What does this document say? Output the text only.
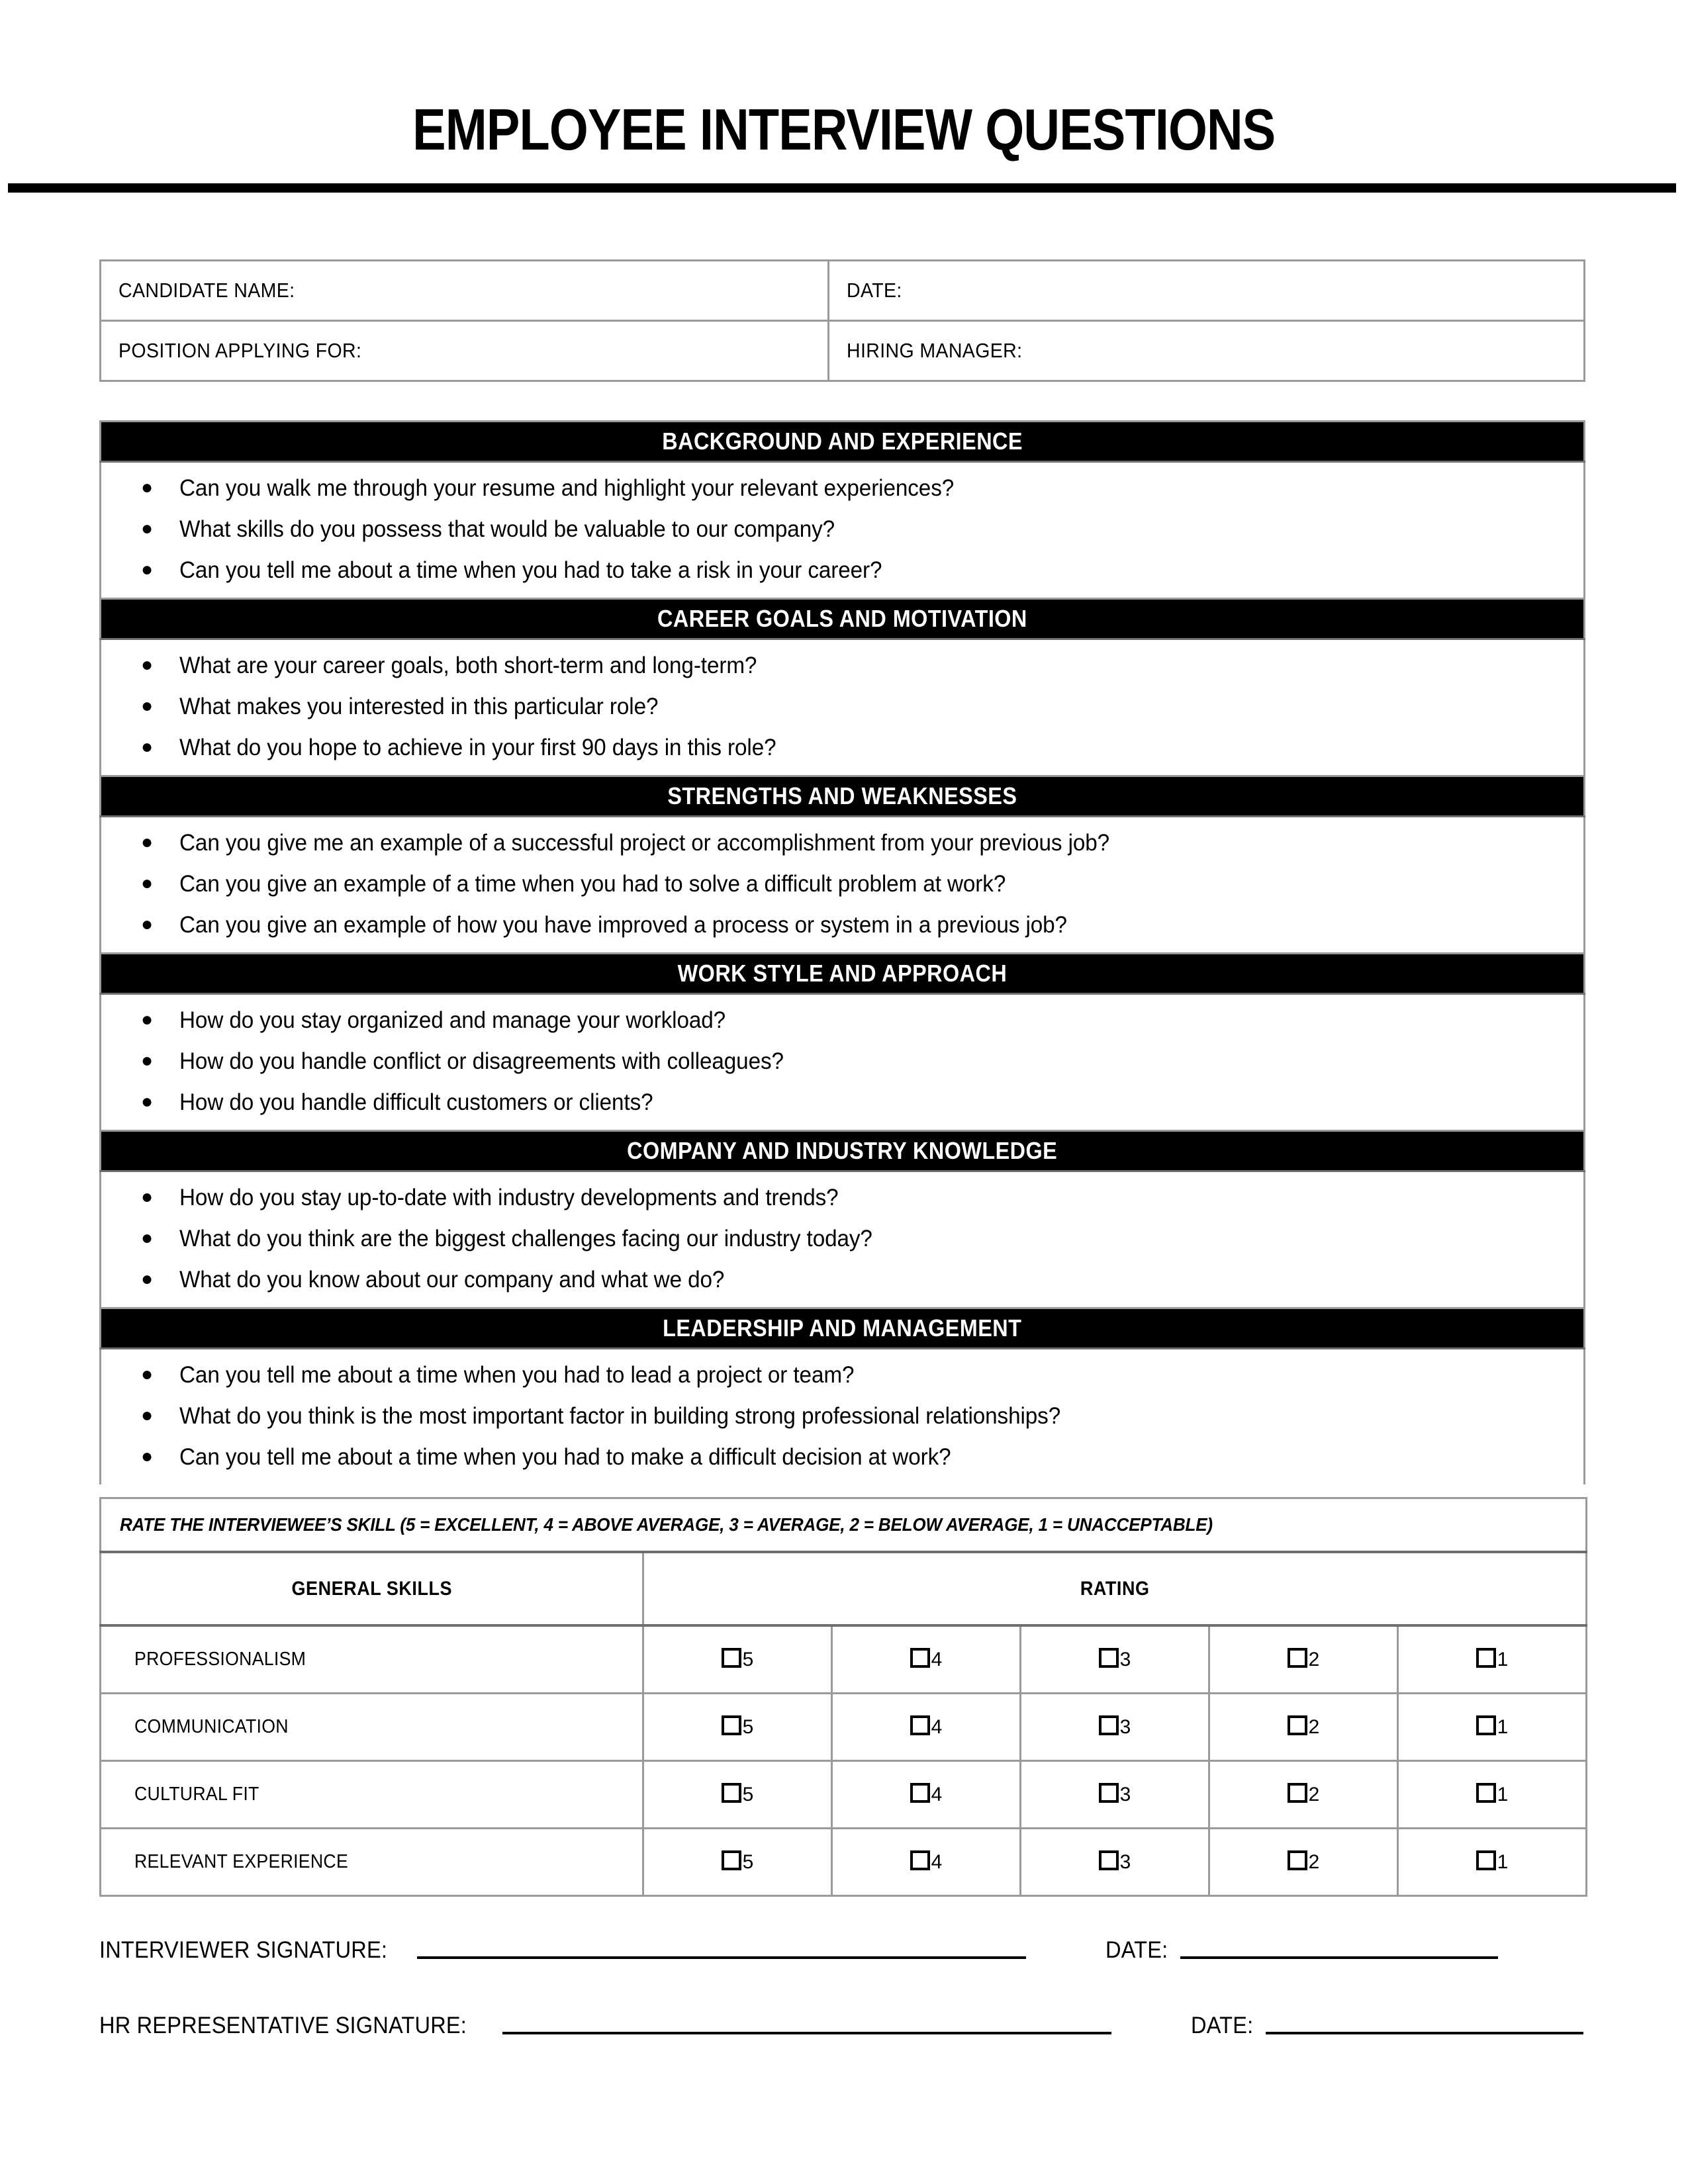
EMPLOYEE INTERVIEW QUESTIONS
CANDIDATE NAME:	DATE:
POSITION APPLYING FOR:	HIRING MANAGER:
BACKGROUND AND EXPERIENCE

●	Can you walk me through your resume and highlight your relevant experiences?

●	What skills do you possess that would be valuable to our company?

●	Can you tell me about a time when you had to take a risk in your career?

CAREER GOALS AND MOTIVATION

●	What are your career goals, both short-term and long-term?

●	What makes you interested in this particular role?

●	What do you hope to achieve in your first 90 days in this role?

STRENGTHS AND WEAKNESSES

●	Can you give me an example of a successful project or accomplishment from your previous job?

●	Can you give an example of a time when you had to solve a difficult problem at work?

●	Can you give an example of how you have improved a process or system in a previous job?

WORK STYLE AND APPROACH

●	How do you stay organized and manage your workload?

●	How do you handle conflict or disagreements with colleagues?

●	How do you handle difficult customers or clients?

COMPANY AND INDUSTRY KNOWLEDGE

●	How do you stay up-to-date with industry developments and trends?

●	What do you think are the biggest challenges facing our industry today?

●	What do you know about our company and what we do?

LEADERSHIP AND MANAGEMENT

●	Can you tell me about a time when you had to lead a project or team?

●	What do you think is the most important factor in building strong professional relationships?

●	Can you tell me about a time when you had to make a difficult decision at work?
RATE THE INTERVIEWEE’S SKILL (5 = EXCELLENT, 4 = ABOVE AVERAGE, 3 = AVERAGE, 2 = BELOW AVERAGE, 1 = UNACCEPTABLE)					
GENERAL SKILLS	RATING				
PROFESSIONALISM	5	4	3	2	1
COMMUNICATION	5	4	3	2	1
CULTURAL FIT	5	4	3	2	1
RELEVANT EXPERIENCE	5	4	3	2	1
INTERVIEWER SIGNATURE:	DATE:
HR REPRESENTATIVE SIGNATURE:	DATE:
